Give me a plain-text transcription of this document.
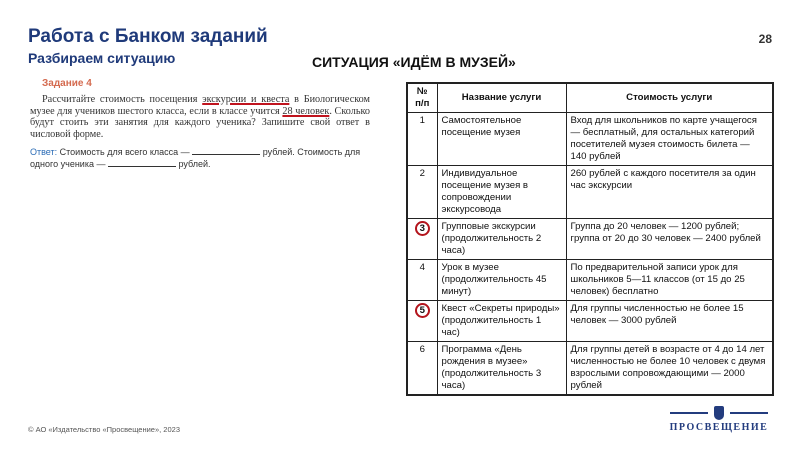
Работа с Банком заданий
Разбираем ситуацию
28
СИТУАЦИЯ «ИДЁМ В МУЗЕЙ»
Задание 4

Рассчитайте стоимость посещения экскурсии и квеста в Биологическом музее для учеников шестого класса, если в классе учится 28 человек. Сколько будут стоить эти занятия для каждого ученика? Запишите свой ответ в числовой форме.

Ответ: Стоимость для всего класса —	рублей. Стоимость для одного ученика —	рублей.
№ п/п	Название услуги	Стоимость услуги
1	Самостоятельное посещение музея	Вход для школьников по карте учащегося — бесплатный, для остальных категорий посетителей музея стоимость билета — 140 рублей
2	Индивидуальное посещение музея в сопровождении экскурсовода	260 рублей с каждого посетителя за один час экскурсии
3	Групповые экскурсии (продолжительность 2 часа)	Группа до 20 человек — 1200 рублей; группа от 20 до 30 человек — 2400 рублей
4	Урок в музее (продолжительность 45 минут)	По предварительной записи урок для школьников 5—11 классов (от 15 до 25 человек) бесплатно
5	Квест «Секреты природы» (продолжительность 1 час)	Для группы численностью не более 15 человек — 3000 рублей
6	Программа «День рождения в музее» (продолжительность 3 часа)	Для группы детей в возрасте от 4 до 14 лет численностью не более 10 человек с двумя взрослыми сопровождающими — 2000 рублей
© АО «Издательство «Просвещение», 2023	ПРОСВЕЩЕНИЕ
